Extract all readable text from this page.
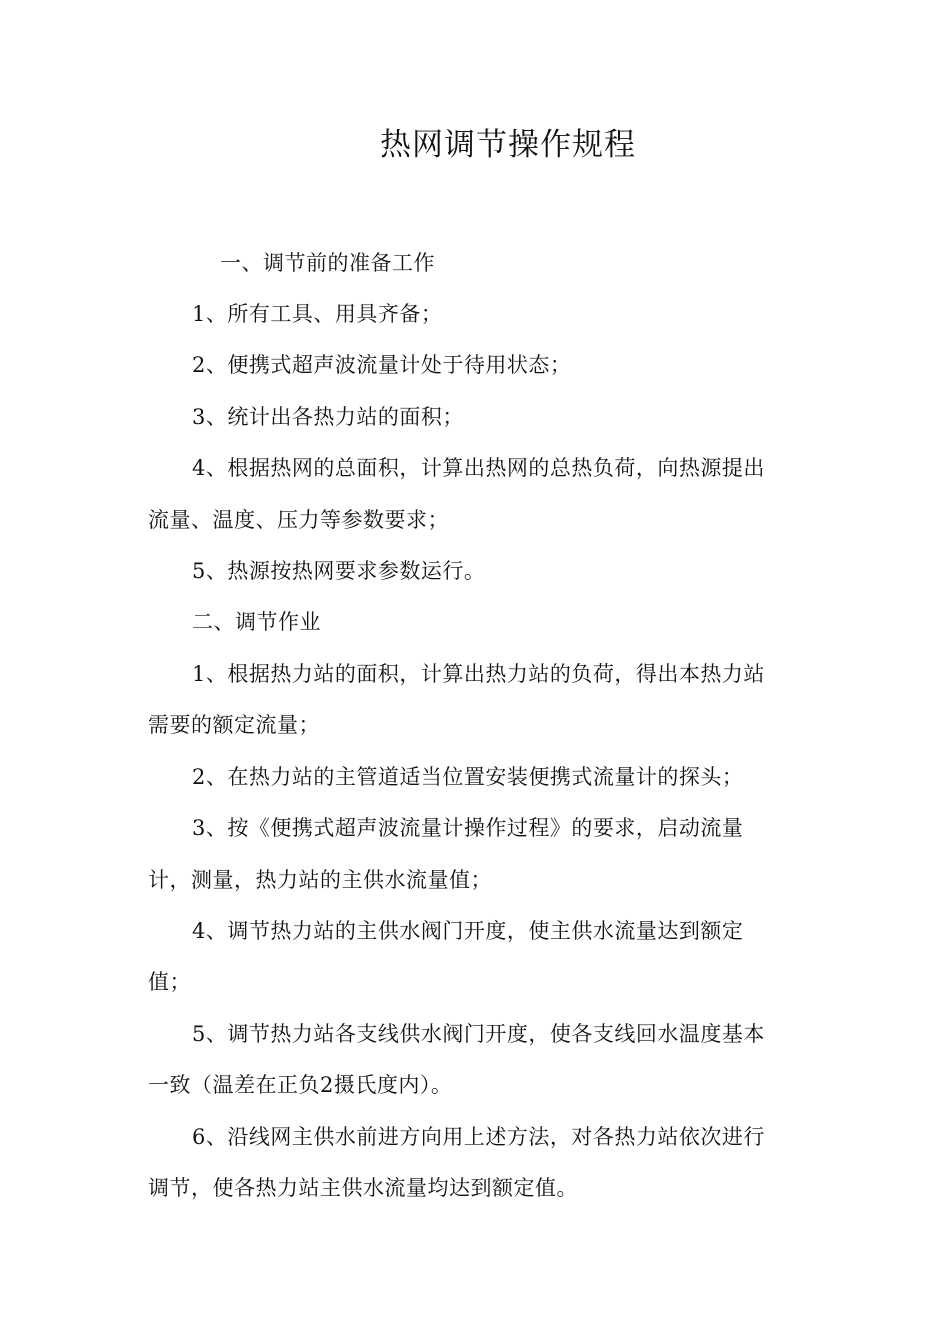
热网调节操作规程
一、调节前的准备工作
1、所有工具、用具齐备；
2、便携式超声波流量计处于待用状态；
3、统计出各热力站的面积；
4、根据热网的总面积，计算出热网的总热负荷，向热源提出
流量、温度、压力等参数要求；
5、热源按热网要求参数运行。
二、调节作业
1、根据热力站的面积，计算出热力站的负荷，得出本热力站
需要的额定流量；
2、在热力站的主管道适当位置安装便携式流量计的探头；
3、按《便携式超声波流量计操作过程》的要求，启动流量
计，测量，热力站的主供水流量值；
4、调节热力站的主供水阀门开度，使主供水流量达到额定
值；
5、调节热力站各支线供水阀门开度，使各支线回水温度基本
一致（温差在正负2摄氏度内）。
6、沿线网主供水前进方向用上述方法，对各热力站依次进行
调节，使各热力站主供水流量均达到额定值。
